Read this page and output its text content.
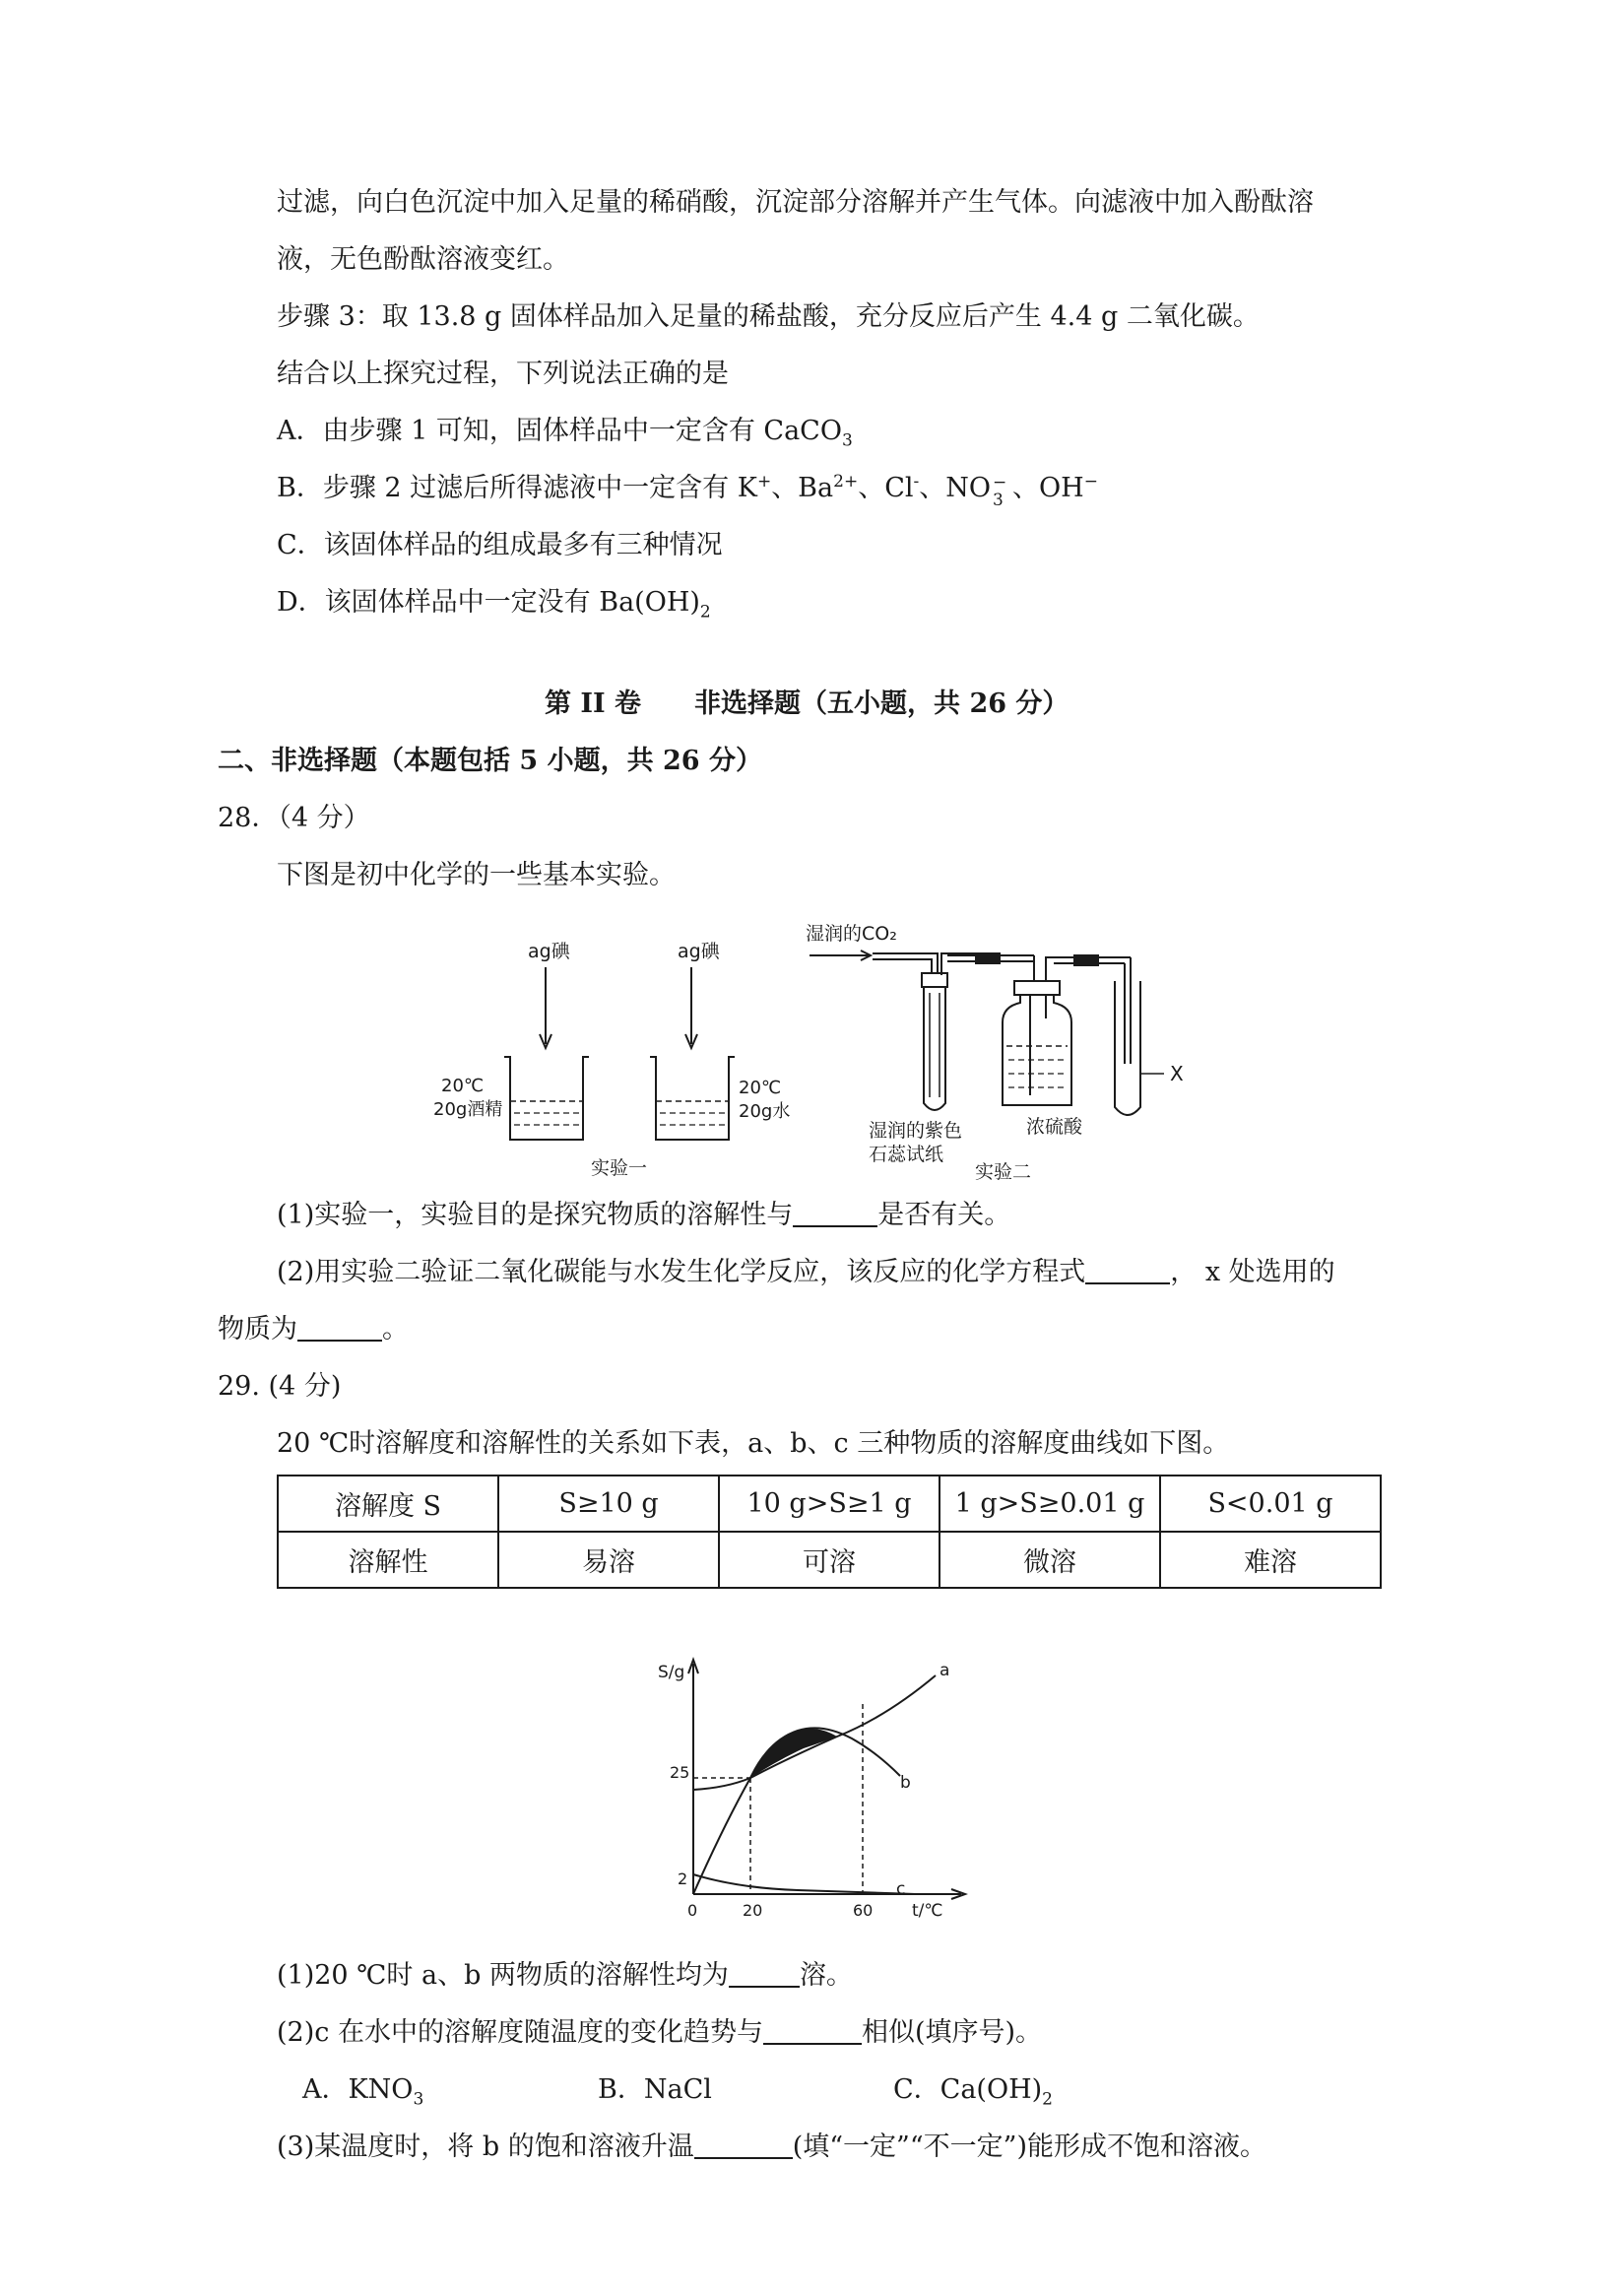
过滤，向白色沉淀中加入足量的稀硝酸，沉淀部分溶解并产生气体。向滤液中加入酚酞溶
液，无色酚酞溶液变红。
步骤 3：取 13.8 g 固体样品加入足量的稀盐酸，充分反应后产生 4.4 g 二氧化碳。
结合以上探究过程，下列说法正确的是
A．由步骤 1 可知，固体样品中一定含有 CaCO$_3$
B．步骤 2 过滤后所得滤液中一定含有 K+、$Ba^{2+}$、Cl-、NO −
3 、OH−
C．该固体样品的组成最多有三种情况
D．该固体样品中一定没有 $Ba(OH)_2$
第 II 卷　　非选择题（五小题，共 26 分）
二、非选择题（本题包括 5 小题，共 26 分）
28．（4 分）
下图是初中化学的一些基本实验。
ag碘
20℃
20g酒精
ag碘
20℃
20g水
实验一
湿润的CO₂
X
湿润的紫色
石蕊试纸
浓硫酸
实验二
(1)实验一，实验目的是探究物质的溶解性与	是否有关。
(2)用实验二验证二氧化碳能与水发生化学反应，该反应的化学方程式	， x 处选用的
物质为	。
29. (4 分)
20 ℃时溶解度和溶解性的关系如下表，a、b、c 三种物质的溶解度曲线如下图。
溶解度 S	S≥10 g	10 g>S≥1 g	1 g>S≥0.01 g	S<0.01 g
溶解性	易溶	可溶	微溶	难溶
S/g
t/℃
0	20	60
25
2
a
b
c
(1)20 ℃时 a、b 两物质的溶解性均为	溶。
(2)c 在水中的溶解度随温度的变化趋势与	相似(填序号)。
A．$KNO_3$	B．NaCl	C．$Ca(OH)_2$
(3)某温度时，将 b 的饱和溶液升温	(填“一定”“不一定”)能形成不饱和溶液。
